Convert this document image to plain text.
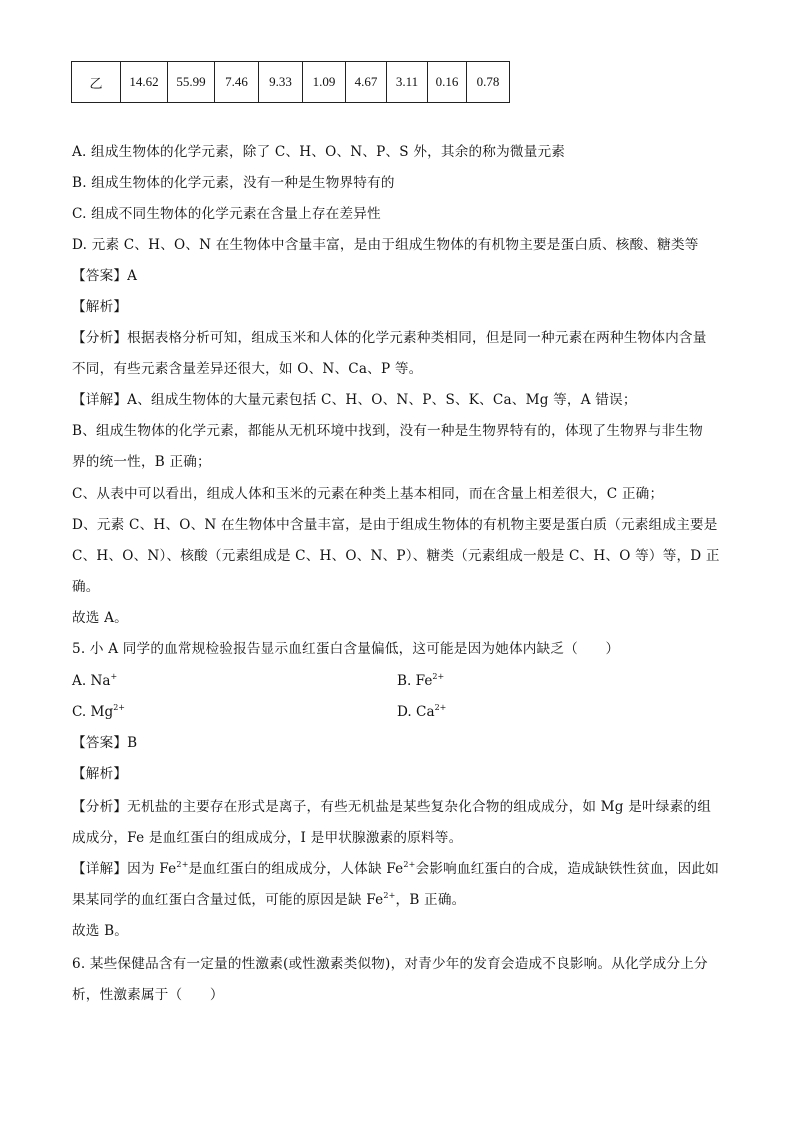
乙	14.62	55.99	7.46	9.33	1.09	4.67	3.11	0.16	0.78
A. 组成生物体的化学元素，除了 C、H、O、N、P、S 外，其余的称为微量元素
B. 组成生物体的化学元素，没有一种是生物界特有的
C. 组成不同生物体的化学元素在含量上存在差异性
D. 元素 C、H、O、N 在生物体中含量丰富，是由于组成生物体的有机物主要是蛋白质、核酸、糖类等
【答案】A
【解析】
【分析】根据表格分析可知，组成玉米和人体的化学元素种类相同，但是同一种元素在两种生物体内含量
不同，有些元素含量差异还很大，如 O、N、Ca、P 等。
【详解】A、组成生物体的大量元素包括 C、H、O、N、P、S、K、Ca、Mg 等，A 错误；
B、组成生物体的化学元素，都能从无机环境中找到，没有一种是生物界特有的，体现了生物界与非生物
界的统一性，B 正确；
C、从表中可以看出，组成人体和玉米的元素在种类上基本相同，而在含量上相差很大，C 正确；
D、元素 C、H、O、N 在生物体中含量丰富，是由于组成生物体的有机物主要是蛋白质（元素组成主要是
C、H、O、N）、核酸（元素组成是 C、H、O、N、P）、糖类（元素组成一般是 C、H、O 等）等，D 正
确。
故选 A。
5. 小 A 同学的血常规检验报告显示血红蛋白含量偏低，这可能是因为她体内缺乏（　　）
A. Na+	B. $Fe^{2+}$
C. $Mg^{2+}$	D. $Ca^{2+}$
【答案】B
【解析】
【分析】无机盐的主要存在形式是离子，有些无机盐是某些复杂化合物的组成成分，如 Mg 是叶绿素的组
成成分，Fe 是血红蛋白的组成成分，I 是甲状腺激素的原料等。
【详解】因为 $Fe^{2+}$是血红蛋白的组成成分，人体缺 $Fe^{2+}$会影响血红蛋白的合成，造成缺铁性贫血，因此如
果某同学的血红蛋白含量过低，可能的原因是缺 $Fe^{2+}$，B 正确。
故选 B。
6. 某些保健品含有一定量的性激素(或性激素类似物)，对青少年的发育会造成不良影响。从化学成分上分
析，性激素属于（　　）
